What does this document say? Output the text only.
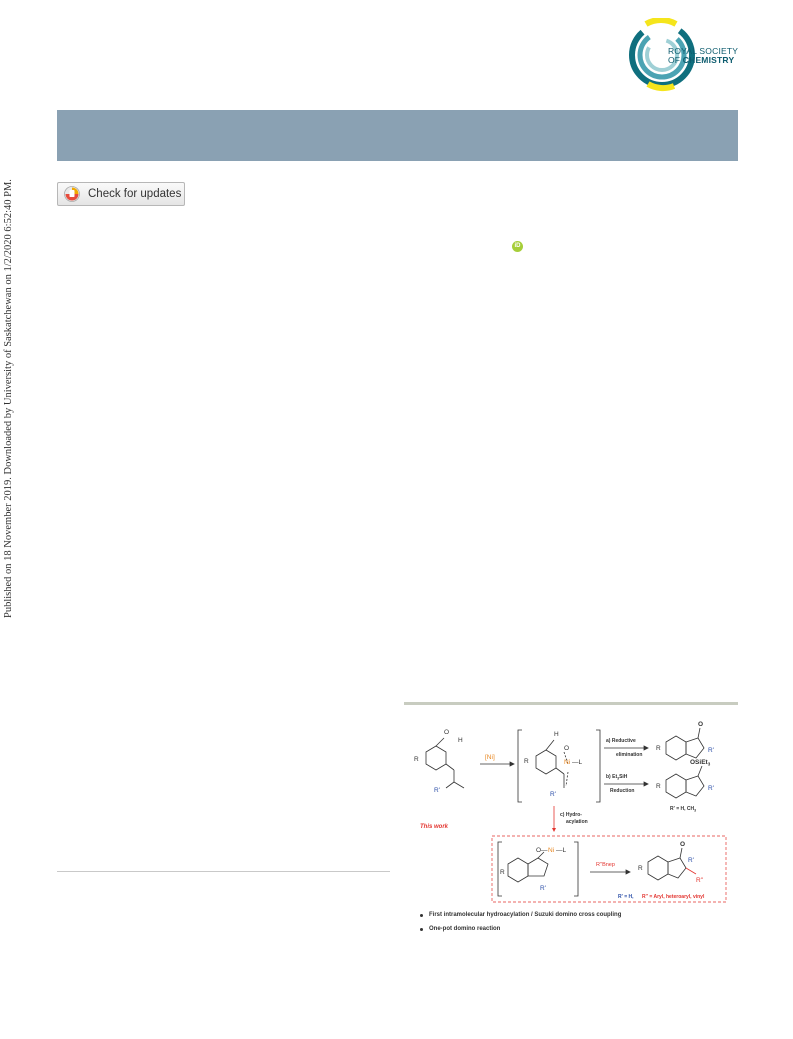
ROYAL SOCIETY
OF CHEMISTRY
Check for updates
Published on 18 November 2019. Downloaded by University of Saskatchewan on 1/2/2020 6:52:40 PM.	iD
R
O
H
R'
[Ni]
R
H
O
Ni —L
R'
a) Reductive
elimination
b) $Et_3SiH$
Reduction
R
O
R'
R
OSiEt$_3$
R'
R' = H, $CH_3$
c) Hydro-
acylation
This work
R
O— Ni —L
R'
R''Bnep	R
O
R'
R''
R' = H, R'' = Aryl, heteroaryl, vinyl
First intramolecular hydroacylation / Suzuki domino cross coupling
One-pot domino reaction
